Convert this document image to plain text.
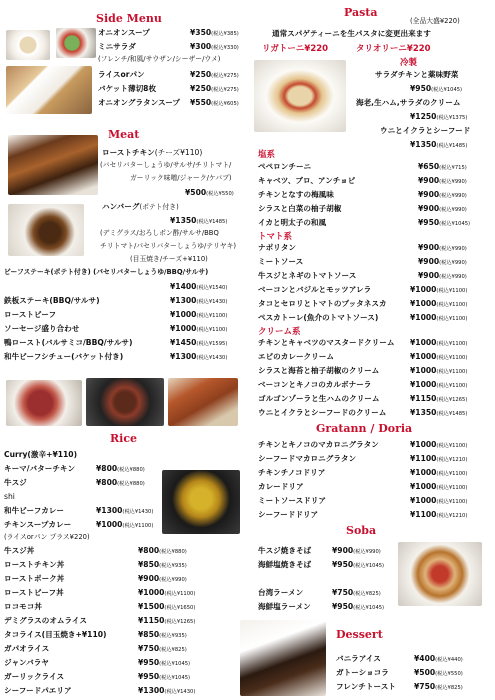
Side Menu
オニオンスープ	¥350(税込¥385)
ミニサラダ	¥300(税込¥330)
(フレンチ/和風/サウザン/シーザー/ウメ)
ライスorパン	¥250(税込¥275)
バケット薄切8枚	¥250(税込¥275)
オニオングラタンスープ ¥550(税込¥605)
Meat
ローストチキン(チーズ¥110)
(バセリバターしょうゆ/サルサ/チリトマト/
ガーリック味噌/ジャーク/ケバブ)
¥500(税込¥550)
ハンバーグ(ポテト付き)
¥1350(税込¥1485)
(デミグラス/おろしポン酢/サルサ/BBQ
チリトマト/パセリバターしょうゆ/テリヤキ)
(目玉焼き/チーズ+¥110)
ビーフステーキ(ポテト付き) (パセリバターしょうゆ/BBQ/サルサ)
¥1400(税込¥1540)
鉄板ステーキ(BBQ/サルサ)	¥1300(税込¥1430)
ローストビーフ	¥1000(税込¥1100)
ソーセージ盛り合わせ	¥1000(税込¥1100)
鴨ロースト(バルサミコ/BBQ/サルサ)	¥1450(税込¥1595)
和牛ビーフシチュー(バケット付き)	¥1300(税込¥1430)
Rice
Curry(激辛+¥110)
キーマ/バターチキン	¥800(税込¥880)
牛スジ	¥800(税込¥880)
shi
和牛ビーフカレー	¥1300(税込¥1430)
チキンスープカレー	¥1000(税込¥1100)
(ライスorパン プラス¥220)
牛スジ丼	¥800(税込¥880)
ローストチキン丼	¥850(税込¥935)
ローストポーク丼	¥900(税込¥990)
ローストビーフ丼	¥1000(税込¥1100)
ロコモコ丼	¥1500(税込¥1650)
デミグラスのオムライス	¥1150(税込¥1265)
タコライス(目玉焼き+¥110)	¥850(税込¥935)
ガパオライス	¥750(税込¥825)
ジャンバラヤ	¥950(税込¥1045)
ガーリックライス	¥950(税込¥1045)
シーフードパエリア	¥1300(税込¥1430)
Pasta
(全品大盛¥220)
通常スパゲティーニを生パスタに変更出来ます
リガトーニ¥220	タリオリーニ¥220
冷製
サラダチキンと薬味野菜
¥950(税込¥1045)
海老,生ハム,サラダのクリーム
¥1250(税込¥1375)
ウニとイクラとシーフード
¥1350(税込¥1485)
塩系
ペペロンチーニ	¥650(税込¥715)
キャベツ、ブロ、アンチョビ	¥900(税込¥990)
チキンとなすの梅風味	¥900(税込¥990)
シラスと白菜の柚子胡椒	¥900(税込¥990)
イカと明太子の和風	¥950(税込¥1045)
トマト系
ナポリタン	¥900(税込¥990)
ミートソース	¥900(税込¥990)
牛スジとネギのトマトソース	¥900(税込¥990)
ベーコンとバジルとモッツアレラ	¥1000(税込¥1100)
タコとセロリとトマトのプッタネスカ	¥1000(税込¥1100)
ペスカトーレ(魚介のトマトソース)	¥1000(税込¥1100)
クリーム系
チキンとキャベツのマスタードクリーム ¥1000(税込¥1100)
エビのカレークリーム	¥1000(税込¥1100)
シラスと海苔と柚子胡椒のクリーム	¥1000(税込¥1100)
ベーコンとキノコのカルボナーラ	¥1000(税込¥1100)
ゴルゴンゾーラと生ハムのクリーム	¥1150(税込¥1265)
ウニとイクラとシーフードのクリーム	¥1350(税込¥1485)
Gratann / Doria
チキンとキノコのマカロニグラタン	¥1000(税込¥1100)
シーフードマカロニグラタン	¥1100(税込¥1210)
チキンチノコドリア	¥1000(税込¥1100)
カレードリア	¥1000(税込¥1100)
ミートソースドリア	¥1000(税込¥1100)
シーフードドリア	¥1100(税込¥1210)
Soba
牛スジ焼きそば	¥900(税込¥990)
海鮮塩焼きそば	¥950(税込¥1045)
台湾ラーメン	¥750(税込¥825)
海鮮塩ラーメン	¥950(税込¥1045)
Dessert
バニラアイス	¥400(税込¥440)
ガトーショコラ	¥500(税込¥550)
フレンチトースト ¥750(税込¥825)
